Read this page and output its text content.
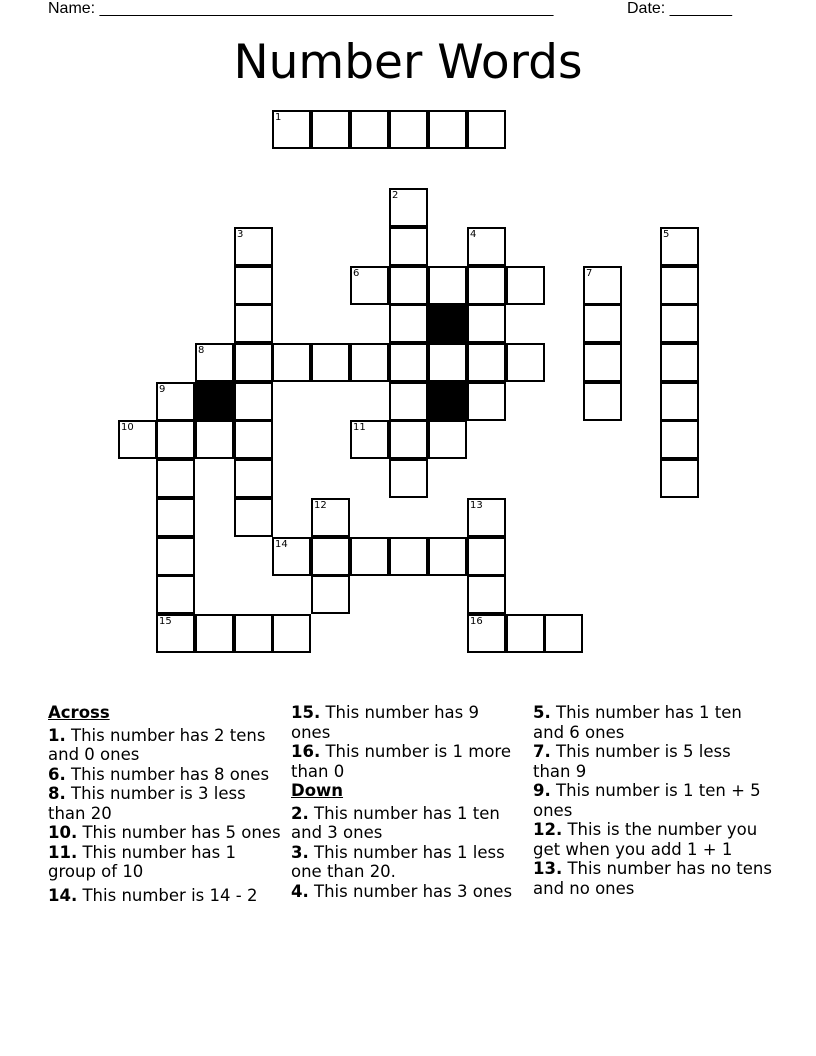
Name: ___________________________________________________	Date: _______
Number Words
1
2
3	4	5
6	7
8
9
10	11
12	13
14
15	16

Across

1. This number has 2 tens and 0 ones

6. This number has 8 ones

8. This number is 3 less than 20

10. This number has 5 ones

11. This number has 1 group of 10

14. This number is 14 - 2

15. This number has 9 ones

16. This number is 1 more than 0

Down

2. This number has 1 ten and 3 ones

3. This number has 1 less one than 20.

4. This number has 3 ones

5. This number has 1 ten and 6 ones

7. This number is 5 less than 9

9. This number is 1 ten + 5 ones

12. This is the number you get when you add 1 + 1

13. This number has no tens and no ones
